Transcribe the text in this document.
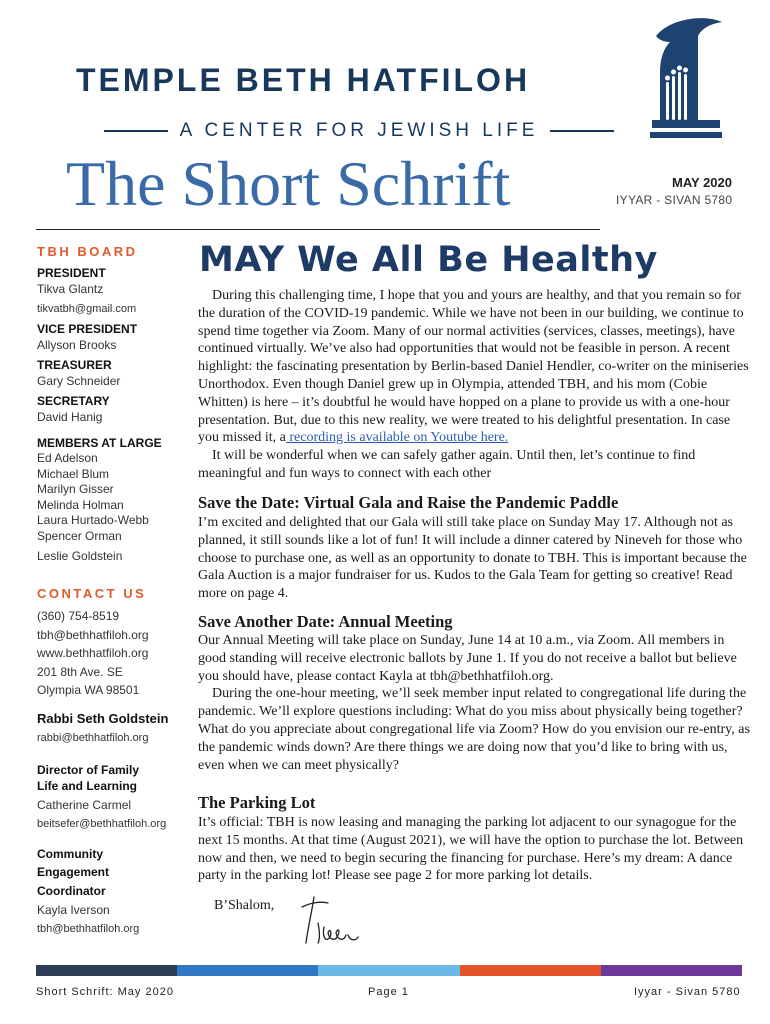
TEMPLE BETH HATFILOH
A CENTER FOR JEWISH LIFE
The Short Schrift	MAY 2020
IYYAR - SIVAN 5780
TBH BOARD
PRESIDENT
Tikva Glantz
tikvatbh@gmail.com
VICE PRESIDENT
Allyson Brooks
TREASURER
Gary Schneider
SECRETARY
David Hanig
MEMBERS AT LARGE
Ed Adelson
Michael Blum
Marilyn Gisser
Melinda Holman
Laura Hurtado-Webb
Spencer Orman
Leslie Goldstein
CONTACT US
(360) 754-8519
tbh@bethhatfiloh.org
www.bethhatfiloh.org
201 8th Ave. SE
Olympia WA 98501
Rabbi Seth Goldstein
rabbi@bethhatfiloh.org
Director of Family
Life and Learning
Catherine Carmel
beitsefer@bethhatfiloh.org
Community
Engagement
Coordinator
Kayla Iverson
tbh@bethhatfiloh.org
MAY We All Be Healthy

During this challenging time, I hope that you and yours are healthy, and that you remain so for the duration of the COVID-19 pandemic. While we have not been in our building, we continue to spend time together via Zoom. Many of our normal activities (services, classes, meetings), have continued virtually. We’ve also had opportunities that would not be feasible in person. A recent highlight: the fascinating presentation by Berlin-based Daniel Hendler, co-writer on the miniseries Unorthodox. Even though Daniel grew up in Olympia, attended TBH, and his mom (Cobie Whitten) is here – it’s doubtful he would have hopped on a plane to provide us with a one-hour presentation. But, due to this new reality, we were treated to his delightful presentation. In case you missed it, a recording is available on Youtube here.

It will be wonderful when we can safely gather again. Until then, let’s continue to find meaningful and fun ways to connect with each other

Save the Date: Virtual Gala and Raise the Pandemic Paddle

I’m excited and delighted that our Gala will still take place on Sunday May 17. Although not as planned, it still sounds like a lot of fun! It will include a dinner catered by Nineveh for those who choose to purchase one, as well as an opportunity to donate to TBH. This is important because the Gala Auction is a major fundraiser for us. Kudos to the Gala Team for getting so creative! Read more on page 4.

Save Another Date: Annual Meeting

Our Annual Meeting will take place on Sunday, June 14 at 10 a.m., via Zoom. All members in good standing will receive electronic ballots by June 1. If you do not receive a ballot but believe you should have, please contact Kayla at tbh@bethhatfiloh.org.

During the one-hour meeting, we’ll seek member input related to congregational life during the pandemic. We’ll explore questions including: What do you miss about physically being together? What do you appreciate about congregational life via Zoom? How do you envision our re-entry, as the pandemic winds down? Are there things we are doing now that you’d like to bring with us, even when we can meet physically?

The Parking Lot

It’s official: TBH is now leasing and managing the parking lot adjacent to our synagogue for the next 15 months. At that time (August 2021), we will have the option to purchase the lot. Between now and then, we need to begin securing the financing for purchase. Here’s my dream: A dance party in the parking lot! Please see page 2 for more parking lot details.

B’Shalom,
Short Schrift: May 2020	Page 1	Iyyar - Sivan 5780
